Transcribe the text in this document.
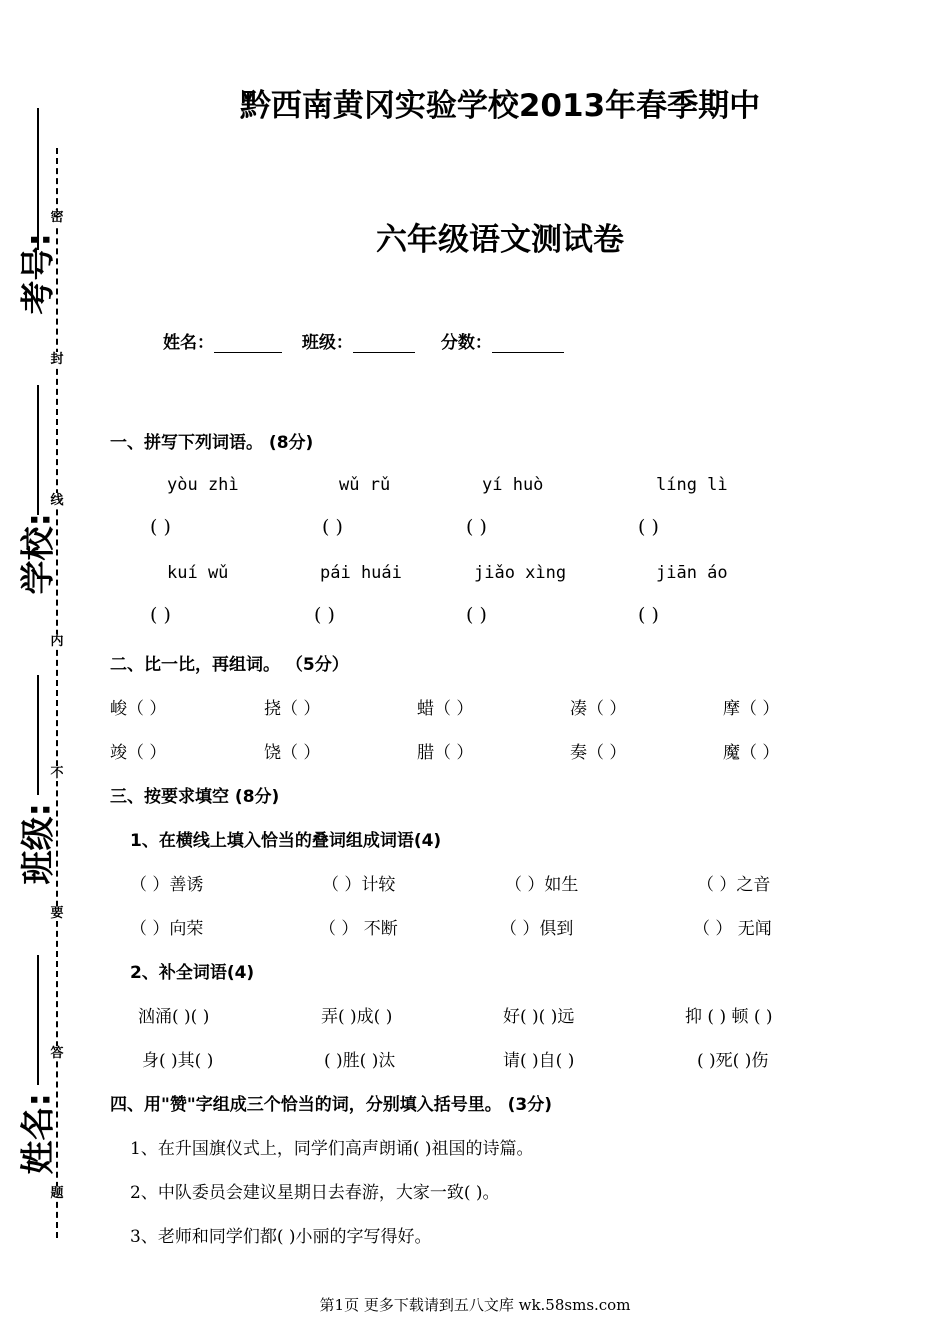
考号:
学校:
班级:
姓名:
密
封
线
内
不
要
答
题
黔西南黄冈实验学校2013年春季期中
六年级语文测试卷
姓名：	班级：	分数：
一、拼写下列词语。 (8分)
yòu zhì	wǔ rǔ	yí huò	líng lì
( )	( )	( )	( )
kuí wǔ	pái huái	jiǎo xìng	jiān áo
( )	( )	( )	( )
二、比一比，再组词。 （5分）
峻（ ）	挠（ ）	蜡（ ）	凑（ ）	摩（ ）
竣（ ）	饶（ ）	腊（ ）	奏（ ）	魔（ ）
三、按要求填空 (8分)
1、在横线上填入恰当的叠词组成词语(4)
（ ）善诱	（ ）计较	（ ）如生	（ ）之音
（ ）向荣	（ ） 不断	（ ）俱到	（ ） 无闻
2、补全词语(4)
汹涌( )( )	弄( )成( )	好( )( )远	抑 ( ) 顿 ( )
身( )其( )	( )胜( )汰	请( )自( )	( )死( )伤
四、用"赞"字组成三个恰当的词，分别填入括号里。 (3分)
1、在升国旗仪式上，同学们高声朗诵( )祖国的诗篇。
2、中队委员会建议星期日去春游，大家一致( )。
3、老师和同学们都( )小丽的字写得好。
第1页 更多下载请到五八文库 wk.58sms.com
